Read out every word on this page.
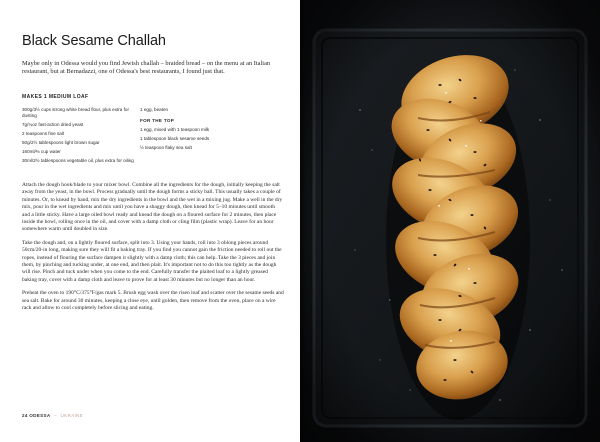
Black Sesame Challah

Maybe only in Odessa would you find Jewish challah – braided bread – on the menu at an Italian restaurant, but at Bernadazzi, one of Odessa's best restaurants, I found just that.

MAKES 1 MEDIUM LOAF
300g/3½ cups strong white bread flour, plus extra for dusting
7g/¼oz fast-action dried yeast
2 teaspoons fine salt
50g/2½ tablespoons light brown sugar
160ml/⅔ cup water
30ml/2½ tablespoons vegetable oil, plus extra for oiling
1 egg, beaten
FOR THE TOP
1 egg, mixed with 1 teaspoon milk
1 tablespoon black sesame seeds
½ teaspoon flaky sea salt

Attach the dough hook/blade to your mixer bowl. Combine all the ingredients for the dough, initially keeping the salt away from the yeast, in the bowl. Process gradually until the dough forms a sticky ball. This usually takes a couple of minutes. Or, to knead by hand, mix the dry ingredients in the bowl and the wet in a mixing jug. Make a well in the dry mix, pour in the wet ingredients and mix until you have a shaggy dough, then knead for 5–10 minutes until smooth and a little sticky. Have a large oiled bowl ready and knead the dough on a floured surface for 2 minutes, then place inside the bowl, rolling once in the oil, and cover with a damp cloth or cling film (plastic wrap). Leave for an hour somewhere warm until doubled in size.

Take the dough and, on a lightly floured surface, split into 3. Using your hands, roll into 3 oblong pieces around 50cm/20-in long, making sure they will fit a baking tray. If you find you cannot gain the friction needed to roll out the ropes, instead of flouring the surface dampen it slightly with a damp cloth; this can help. Take the 3 pieces and join them, by pinching and tucking under, at one end, and then plait. It's important not to do this too tightly as the dough will rise. Pinch and tuck under when you come to the end. Carefully transfer the plaited loaf to a lightly greased baking tray, cover with a damp cloth and leave to prove for at least 30 minutes but no longer than an hour.

Preheat the oven to 190°C/375°F/gas mark 5. Brush egg wash over the risen loaf and scatter over the sesame seeds and sea salt. Bake for around 30 minutes, keeping a close eye, until golden, then remove from the oven, place on a wire rack and allow to cool completely before slicing and eating.

24 ODESSA – UKRAINE
